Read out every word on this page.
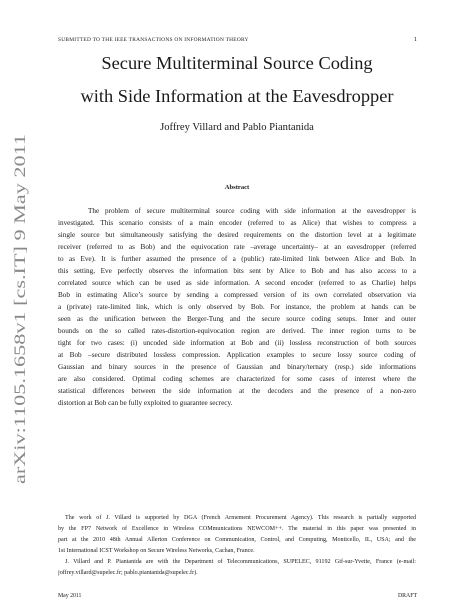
SUBMITTED TO THE IEEE TRANSACTIONS ON INFORMATION THEORY	1
Secure Multiterminal Source Coding
with Side Information at the Eavesdropper
Joffrey Villard and Pablo Piantanida
arXiv:1105.1658v1 [cs.IT] 9 May 2011
Abstract
The problem of secure multiterminal source coding with side information at the eavesdropper is
investigated. This scenario consists of a main encoder (referred to as Alice) that wishes to compress a
single source but simultaneously satisfying the desired requirements on the distortion level at a legitimate
receiver (referred to as Bob) and the equivocation rate –average uncertainty– at an eavesdropper (referred
to as Eve). It is further assumed the presence of a (public) rate-limited link between Alice and Bob. In
this setting, Eve perfectly observes the information bits sent by Alice to Bob and has also access to a
correlated source which can be used as side information. A second encoder (referred to as Charlie) helps
Bob in estimating Alice’s source by sending a compressed version of its own correlated observation via
a (private) rate-limited link, which is only observed by Bob. For instance, the problem at hands can be
seen as the unification between the Berger-Tung and the secure source coding setups. Inner and outer
bounds on the so called rates-distortion-equivocation region are derived. The inner region turns to be
tight for two cases: (i) uncoded side information at Bob and (ii) lossless reconstruction of both sources
at Bob –secure distributed lossless compression. Application examples to secure lossy source coding of
Gaussian and binary sources in the presence of Gaussian and binary/ternary (resp.) side informations
are also considered. Optimal coding schemes are characterized for some cases of interest where the
statistical differences between the side information at the decoders and the presence of a non-zero
distortion at Bob can be fully exploited to guarantee secrecy.
The work of J. Villard is supported by DGA (French Armement Procurement Agency). This research is partially supported
by the FP7 Network of Excellence in Wireless COMmunications NEWCOM++. The material in this paper was presented in
part at the 2010 48th Annual Allerton Conference on Communication, Control, and Computing, Monticello, IL, USA; and the
1st International ICST Workshop on Secure Wireless Networks, Cachan, France.
J. Villard and P. Piantanida are with the Department of Telecommunications, SUPELEC, 91192 Gif-sur-Yvette, France (e-mail:
joffrey.villard@supelec.fr; pablo.piantanida@supelec.fr).
May 2011	DRAFT
